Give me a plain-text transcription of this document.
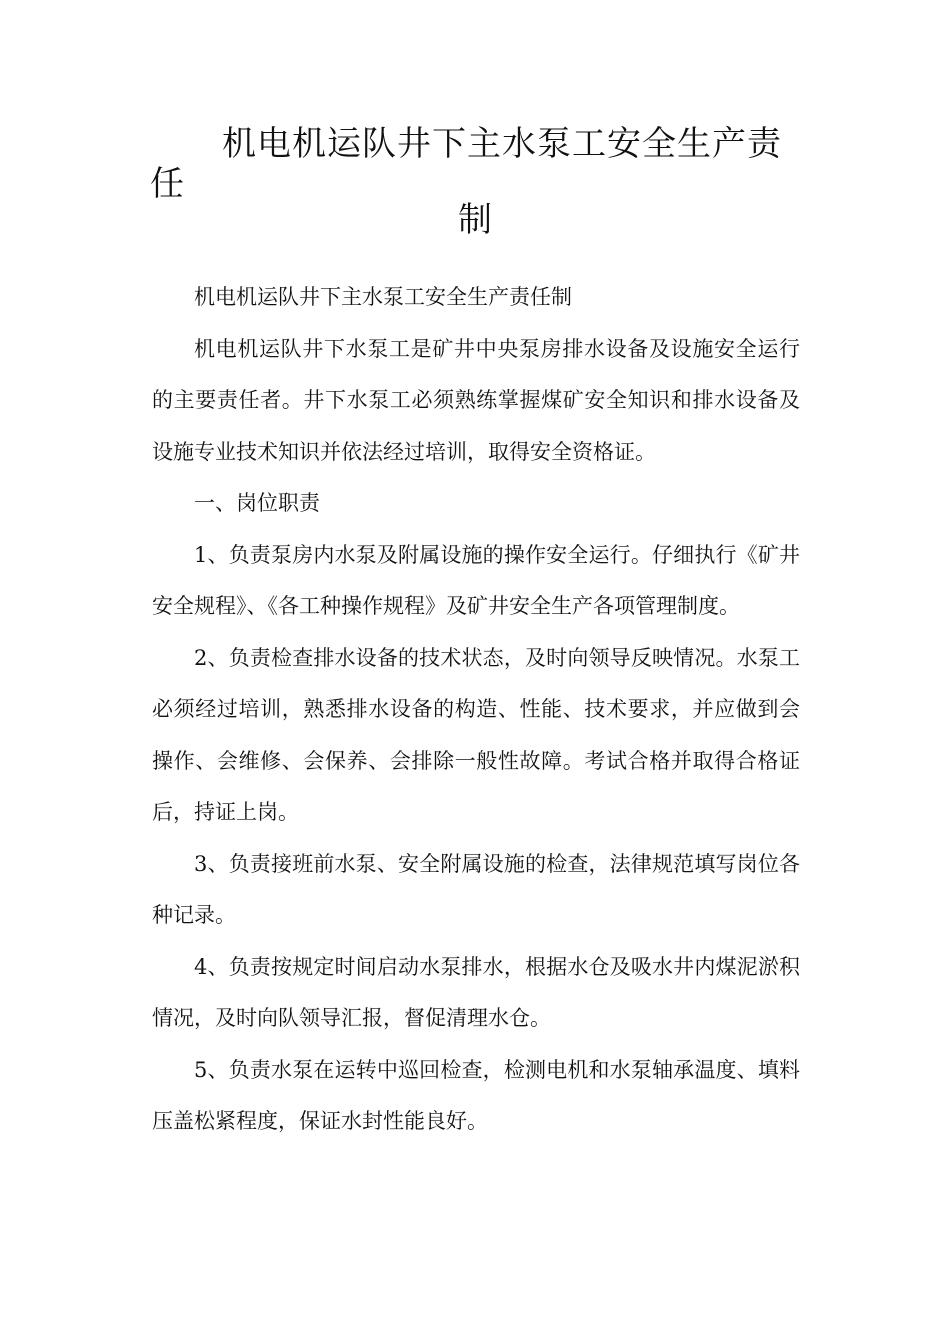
机电机运队井下主水泵工安全生产责任
制

机电机运队井下主水泵工安全生产责任制

机电机运队井下水泵工是矿井中央泵房排水设备及设施安全运行的主要责任者。井下水泵工必须熟练掌握煤矿安全知识和排水设备及设施专业技术知识并依法经过培训，取得安全资格证。

一、岗位职责

1、负责泵房内水泵及附属设施的操作安全运行。仔细执行《矿井安全规程》、《各工种操作规程》及矿井安全生产各项管理制度。

2、负责检查排水设备的技术状态，及时向领导反映情况。水泵工必须经过培训，熟悉排水设备的构造、性能、技术要求，并应做到会操作、会维修、会保养、会排除一般性故障。考试合格并取得合格证后，持证上岗。

3、负责接班前水泵、安全附属设施的检查，法律规范填写岗位各种记录。

4、负责按规定时间启动水泵排水，根据水仓及吸水井内煤泥淤积情况，及时向队领导汇报，督促清理水仓。

5、负责水泵在运转中巡回检查，检测电机和水泵轴承温度、填料压盖松紧程度，保证水封性能良好。
